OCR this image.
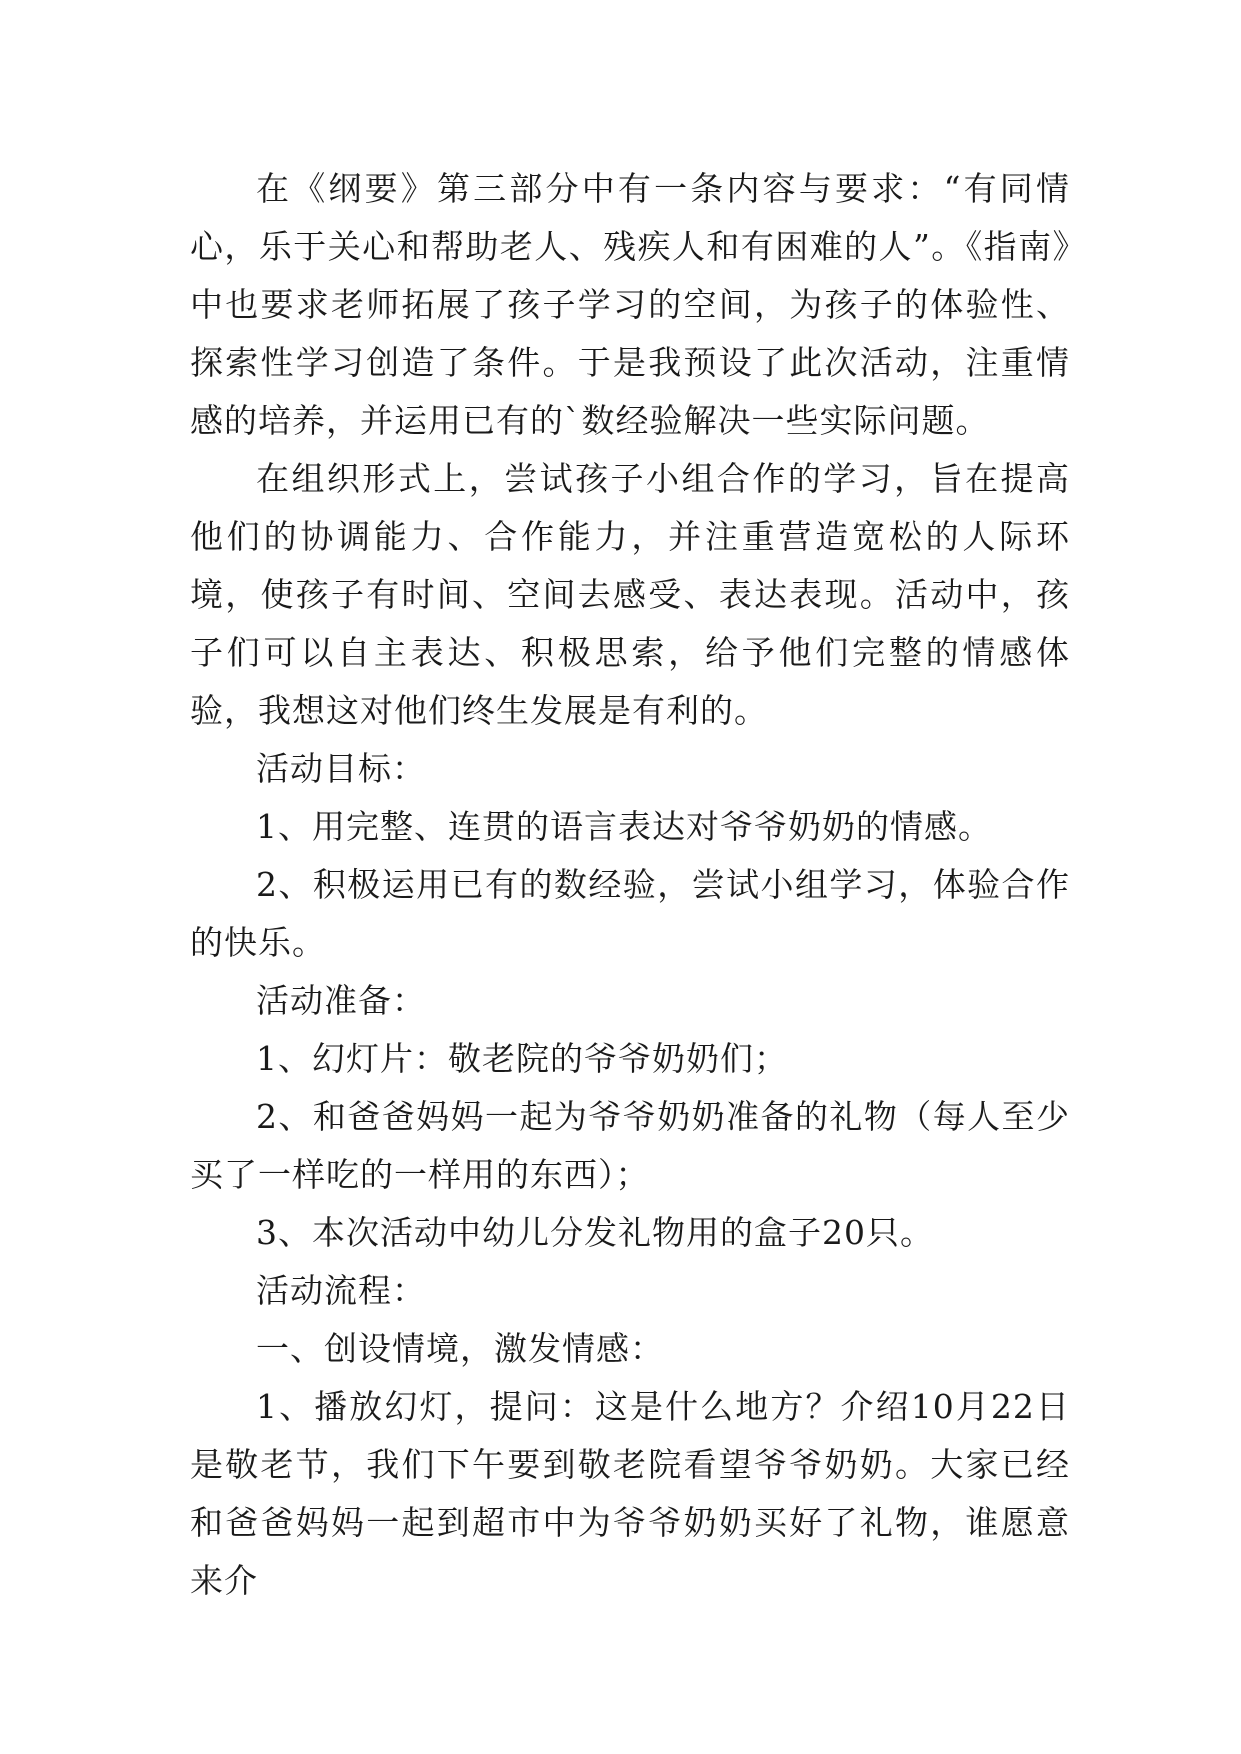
在《纲要》第三部分中有一条内容与要求：“有同情心，乐于关心和帮助老人、残疾人和有困难的人”。《指南》中也要求老师拓展了孩子学习的空间，为孩子的体验性、探索性学习创造了条件。于是我预设了此次活动，注重情感的培养，并运用已有的`数经验解决一些实际问题。

在组织形式上，尝试孩子小组合作的学习，旨在提高他们的协调能力、合作能力，并注重营造宽松的人际环境，使孩子有时间、空间去感受、表达表现。活动中，孩子们可以自主表达、积极思索，给予他们完整的情感体验，我想这对他们终生发展是有利的。

活动目标：

1、用完整、连贯的语言表达对爷爷奶奶的情感。

2、积极运用已有的数经验，尝试小组学习，体验合作的快乐。

活动准备：

1、幻灯片：敬老院的爷爷奶奶们；

2、和爸爸妈妈一起为爷爷奶奶准备的礼物（每人至少买了一样吃的一样用的东西）；

3、本次活动中幼儿分发礼物用的盒子20只。

活动流程：

一、创设情境，激发情感：

1、播放幻灯，提问：这是什么地方？介绍10月22日是敬老节，我们下午要到敬老院看望爷爷奶奶。大家已经和爸爸妈妈一起到超市中为爷爷奶奶买好了礼物，谁愿意来介
